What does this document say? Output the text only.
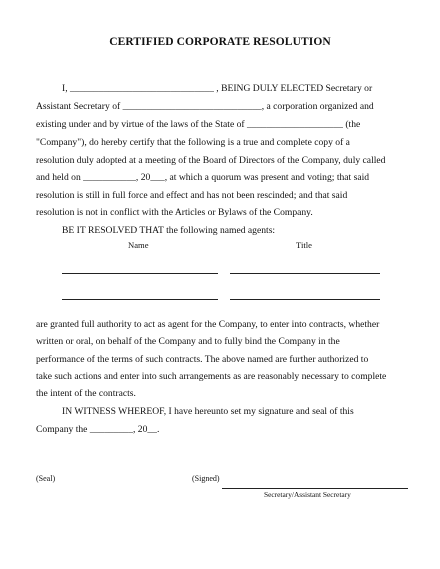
CERTIFIED CORPORATE RESOLUTION
I, ______________________________ , BEING DULY ELECTED Secretary or
Assistant Secretary of _____________________________, a corporation organized and
existing under and by virtue of the laws of the State of ____________________ (the
"Company"), do hereby certify that the following is a true and complete copy of a
resolution duly adopted at a meeting of the Board of Directors of the Company, duly called
and held on ___________, 20___, at which a quorum was present and voting; that said
resolution is still in full force and effect and has not been rescinded; and that said
resolution is not in conflict with the Articles or Bylaws of the Company.
BE IT RESOLVED THAT the following named agents:
Name	Title
are granted full authority to act as agent for the Company, to enter into contracts, whether
written or oral, on behalf of the Company and to fully bind the Company in the
performance of the terms of such contracts. The above named are further authorized to
take such actions and enter into such arrangements as are reasonably necessary to complete
the intent of the contracts.
IN WITNESS WHEREOF, I have hereunto set my signature and seal of this
Company the _________, 20__.
(Seal)	(Signed)
Secretary/Assistant Secretary
